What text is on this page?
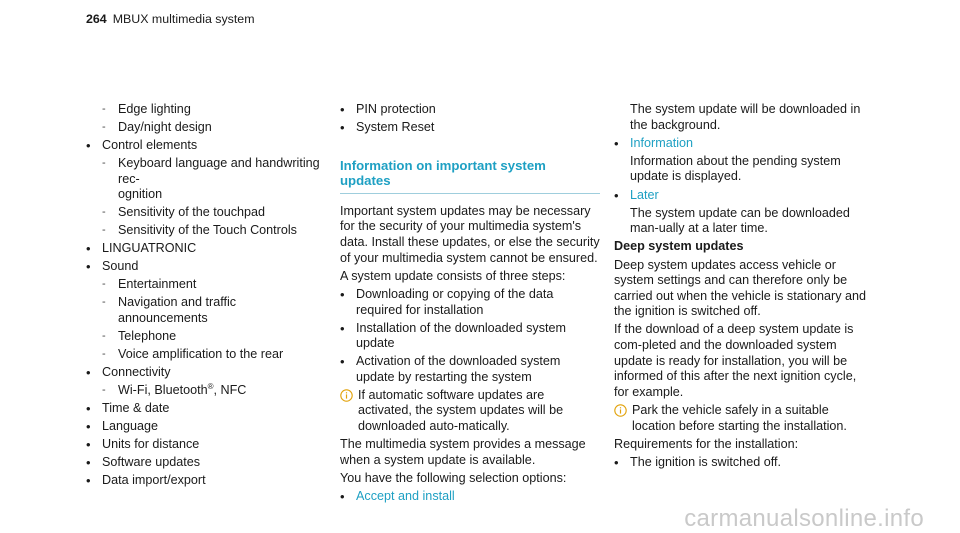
264 MBUX multimedia system
-
Edge lighting
-
Day/night design
•
Control elements
-
Keyboard language and handwriting rec-
ognition
-
Sensitivity of the touchpad
-
Sensitivity of the Touch Controls
•
LINGUATRONIC
•
Sound
-
Entertainment
-
Navigation and traffic announcements
-
Telephone
-
Voice amplification to the rear
•
Connectivity
-
Wi-Fi, Bluetooth®, NFC
•
Time & date
•
Language
•
Units for distance
•
Software updates
•
Data import/export
•
PIN protection
•
System Reset
Information on important system updates
Important system updates may be necessary for the security of your multimedia system's data. Install these updates, or else the security of your multimedia system cannot be ensured.
A system update consists of three steps:
•
Downloading or copying of the data required for installation
•
Installation of the downloaded system update
•
Activation of the downloaded system update by restarting the system
If automatic software updates are activated, the system updates will be downloaded auto-matically.
The multimedia system provides a message when a system update is available.
You have the following selection options:
•
Accept and install
The system update will be downloaded in the background.
•
Information
Information about the pending system update is displayed.
•
Later
The system update can be downloaded man-ually at a later time.
Deep system updates
Deep system updates access vehicle or system settings and can therefore only be carried out when the vehicle is stationary and the ignition is switched off.
If the download of a deep system update is com-pleted and the downloaded system update is ready for installation, you will be informed of this after the next ignition cycle, for example.
Park the vehicle safely in a suitable location before starting the installation.
Requirements for the installation:
•
The ignition is switched off.
carmanualsonline.info
